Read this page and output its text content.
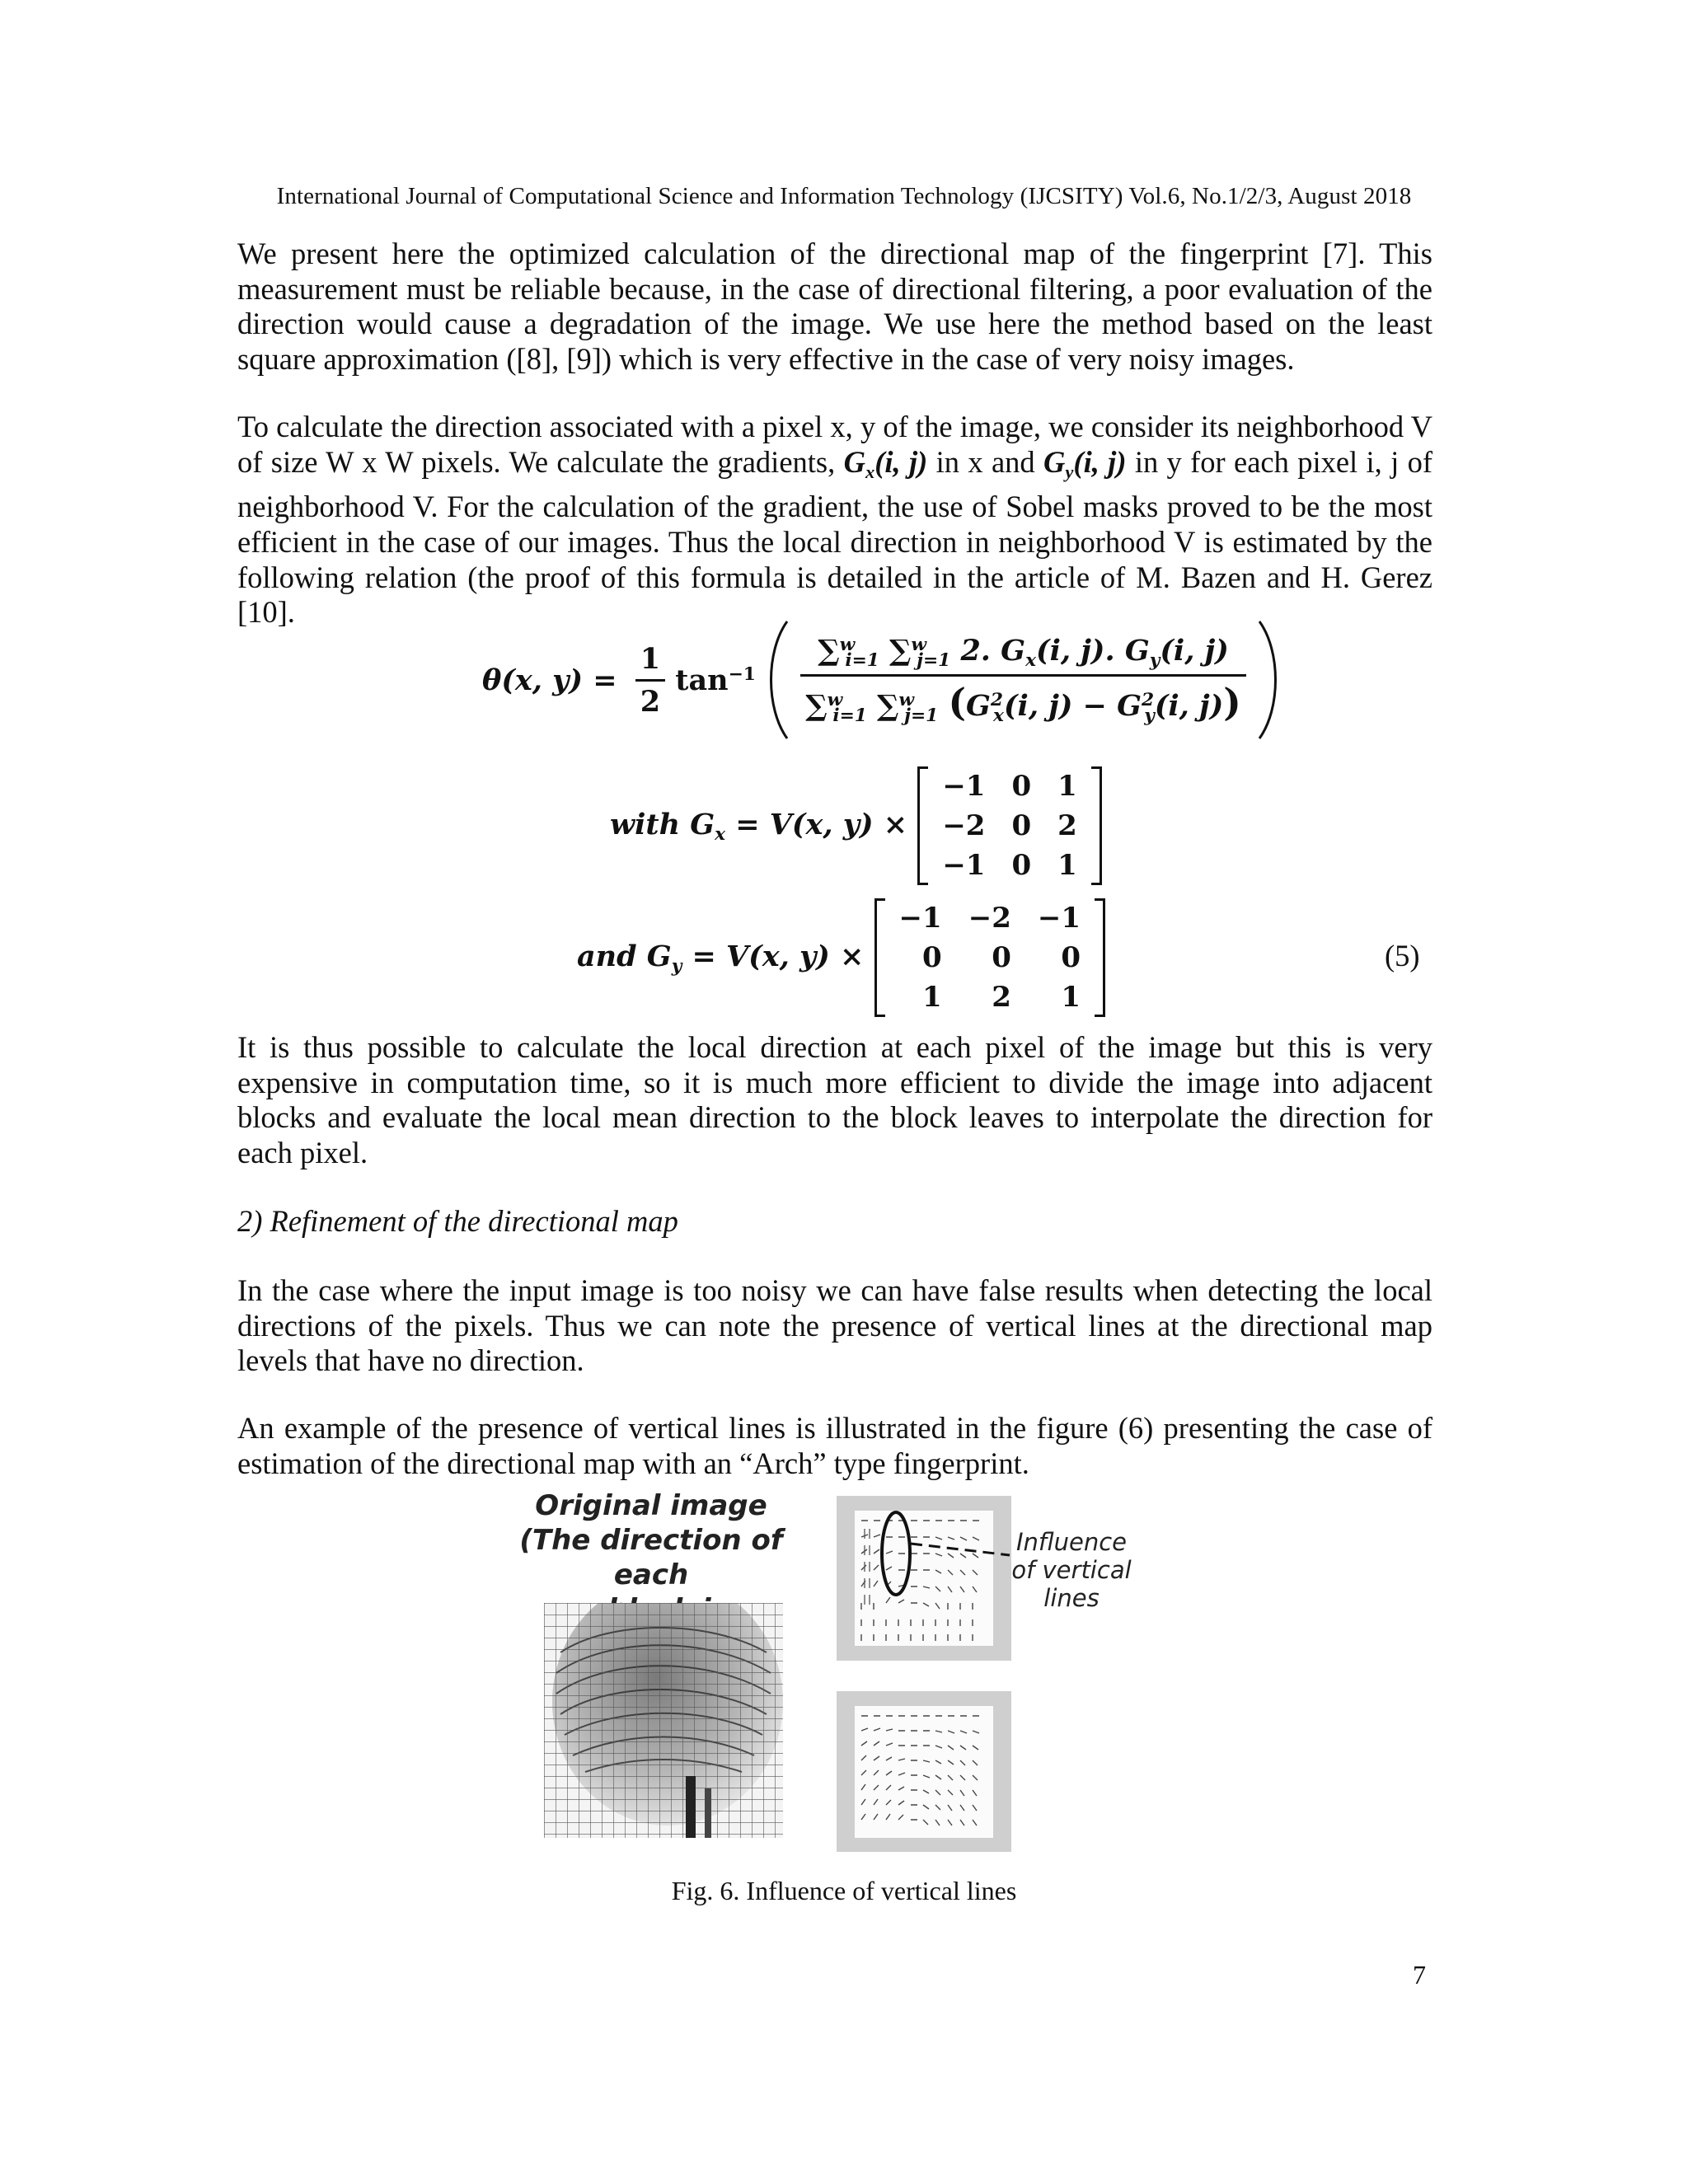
International Journal of Computational Science and Information Technology (IJCSITY) Vol.6, No.1/2/3, August 2018

We present here the optimized calculation of the directional map of the fingerprint [7]. This measurement must be reliable because, in the case of directional filtering, a poor evaluation of the direction would cause a degradation of the image. We use here the method based on the least square approximation ([8], [9]) which is very effective in the case of very noisy images.

To calculate the direction associated with a pixel x, y of the image, we consider its neighborhood V of size W x W pixels. We calculate the gradients, $G_x(i$, j) in x and $G_y(i$, j) in y for each pixel i, j of neighborhood V. For the calculation of the gradient, the use of Sobel masks proved to be the most efficient in the case of our images. Thus the local direction in neighborhood V is estimated by the following relation (the proof of this formula is detailed in the article of M. Bazen and H. Gerez [10].

θ(x, $y) = \frac{1}{2} \tan^{-1} \frac{\sum^w_{i=1} \sum^w_{j=1} 2. G_x(i, j). G_y(i, j)}{\sum^w_{i=1} \sum^w_{j=1} (G^2_x(i, j) - G^2_y(i, j))}$

with $G_x = V(x$, y) ×
−1	0	1
−2	0	2
−1	0	1
and $G_y = V(x$, y) ×
−1	−2	−1
0	0	0
1	2	1
(5)

It is thus possible to calculate the local direction at each pixel of the image but this is very expensive in computation time, so it is much more efficient to divide the image into adjacent blocks and evaluate the local mean direction to the block leaves to interpolate the direction for each pixel.

2) Refinement of the directional map

In the case where the input image is too noisy we can have false results when detecting the local directions of the pixels. Thus we can note the presence of vertical lines at the directional map levels that have no direction.

An example of the presence of vertical lines is illustrated in the figure (6) presenting the case of estimation of the directional map with an “Arch” type fingerprint.

Original image
(The direction of each
Influence
of vertical
lines
Fig. 6. Influence of vertical lines
7
